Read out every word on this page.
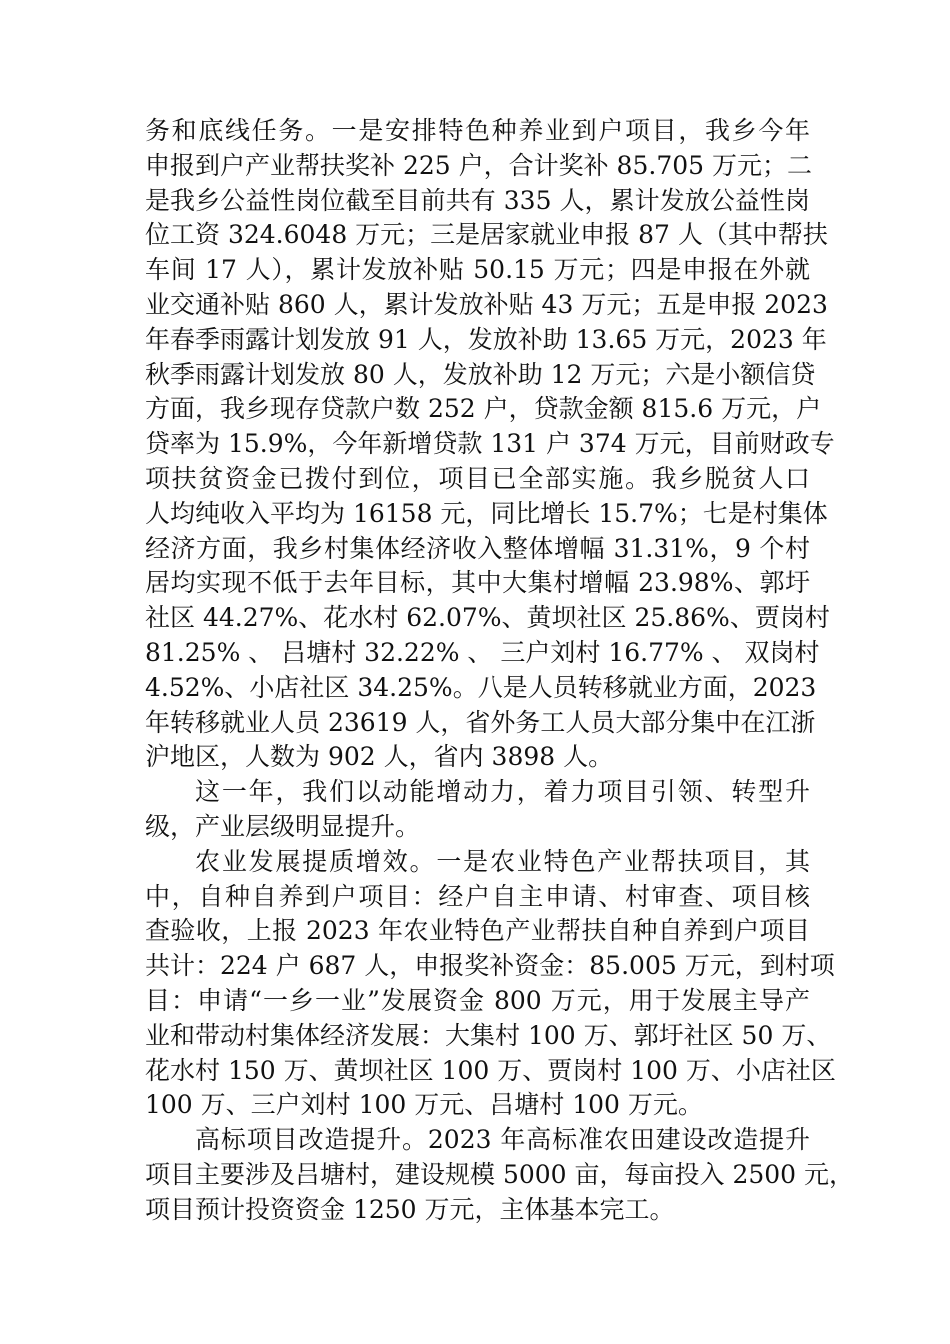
务和底线任务。一是安排特色种养业到户项目，我乡今年
申报到户产业帮扶奖补 225 户，合计奖补 85.705 万元；二
是我乡公益性岗位截至目前共有 335 人，累计发放公益性岗
位工资 324.6048 万元；三是居家就业申报 87 人（其中帮扶
车间 17 人），累计发放补贴 50.15 万元；四是申报在外就
业交通补贴 860 人，累计发放补贴 43 万元；五是申报 2023
年春季雨露计划发放 91 人，发放补助 13.65 万元，2023 年
秋季雨露计划发放 80 人，发放补助 12 万元；六是小额信贷
方面，我乡现存贷款户数 252 户，贷款金额 815.6 万元，户
贷率为 15.9%，今年新增贷款 131 户 374 万元，目前财政专
项扶贫资金已拨付到位，项目已全部实施。我乡脱贫人口
人均纯收入平均为 16158 元，同比增长 15.7%；七是村集体
经济方面，我乡村集体经济收入整体增幅 31.31%，9 个村
居均实现不低于去年目标，其中大集村增幅 23.98%、郭圩
社区 44.27%、花水村 62.07%、黄坝社区 25.86%、贾岗村
81.25% 、 吕塘村 32.22% 、 三户刘村 16.77% 、 双岗村
4.52%、小店社区 34.25%。八是人员转移就业方面，2023
年转移就业人员 23619 人，省外务工人员大部分集中在江浙
沪地区，人数为 902 人，省内 3898 人。
这一年，我们以动能增动力，着力项目引领、转型升
级，产业层级明显提升。
农业发展提质增效。一是农业特色产业帮扶项目，其
中，自种自养到户项目：经户自主申请、村审查、项目核
查验收，上报 2023 年农业特色产业帮扶自种自养到户项目
共计：224 户 687 人，申报奖补资金：85.005 万元，到村项
目：申请“一乡一业”发展资金 800 万元，用于发展主导产
业和带动村集体经济发展：大集村 100 万、郭圩社区 50 万、
花水村 150 万、黄坝社区 100 万、贾岗村 100 万、小店社区
100 万、三户刘村 100 万元、吕塘村 100 万元。
高标项目改造提升。2023 年高标准农田建设改造提升
项目主要涉及吕塘村，建设规模 5000 亩，每亩投入 2500 元，
项目预计投资资金 1250 万元，主体基本完工。
